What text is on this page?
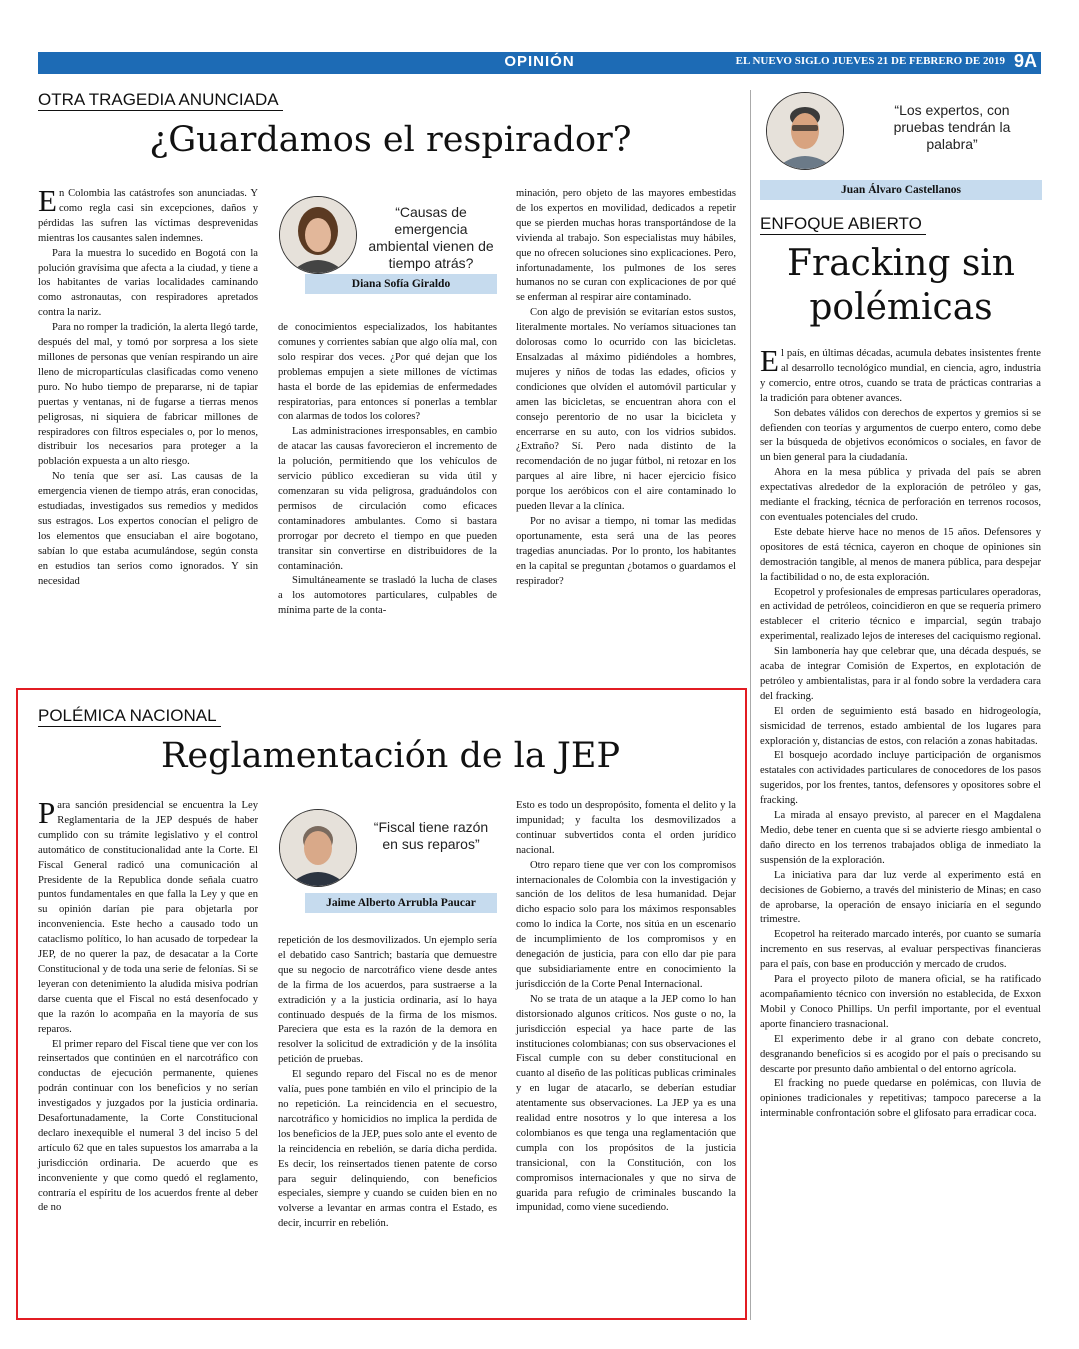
OPINIÓN	EL NUEVO SIGLO JUEVES 21 DE FEBRERO DE 2019 9A
OTRA TRAGEDIA ANUNCIADA
¿Guardamos el respirador?

En Colombia las catástrofes son anunciadas. Y como regla casi sin excepciones, daños y pérdidas las sufren las víctimas desprevenidas mientras los causantes salen indemnes.

Para la muestra lo sucedido en Bogotá con la polución gravísima que afecta a la ciudad, y tiene a los habitantes de varias localidades caminando como astronautas, con respiradores apretados contra la nariz.

Para no romper la tradición, la alerta llegó tarde, después del mal, y tomó por sorpresa a los siete millones de personas que venían respirando un aire lleno de micropartículas clasificadas como veneno puro. No hubo tiempo de prepararse, ni de tapiar puertas y ventanas, ni de fugarse a tierras menos peligrosas, ni siquiera de fabricar millones de respiradores con filtros especiales o, por lo menos, distribuir los necesarios para proteger a la población expuesta a un alto riesgo.

No tenía que ser así. Las causas de la emergencia vienen de tiempo atrás, eran conocidas, estudiadas, investigados sus remedios y medidos sus estragos. Los expertos conocían el peligro de los elementos que ensuciaban el aire bogotano, sabían lo que estaba acumulándose, según consta en estudios tan serios como ignorados. Y sin necesidad

“Causas de emergencia ambiental vienen de tiempo atrás?
Diana Sofía Giraldo

de conocimientos especializados, los habitantes comunes y corrientes sabían que algo olía mal, con solo respirar dos veces. ¿Por qué dejan que los problemas empujen a siete millones de víctimas hasta el borde de las epidemias de enfermedades respiratorias, para entonces sí ponerlas a temblar con alarmas de todos los colores?

Las administraciones irresponsables, en cambio de atacar las causas favorecieron el incremento de la polución, permitiendo que los vehículos de servicio público excedieran su vida útil y comenzaran su vida peligrosa, graduándolos con permisos de circulación como eficaces contaminadores ambulantes. Como si bastara prorrogar por decreto el tiempo en que pueden transitar sin convertirse en distribuidores de la contaminación.

Simultáneamente se trasladó la lucha de clases a los automotores particulares, culpables de mínima parte de la conta-

minación, pero objeto de las mayores embestidas de los expertos en movilidad, dedicados a repetir que se pierden muchas horas transportándose de la vivienda al trabajo. Son especialistas muy hábiles, que no ofrecen soluciones sino explicaciones. Pero, infortunadamente, los pulmones de los seres humanos no se curan con explicaciones de por qué se enferman al respirar aire contaminado.

Con algo de previsión se evitarían estos sustos, literalmente mortales. No veríamos situaciones tan dolorosas como lo ocurrido con las bicicletas. Ensalzadas al máximo pidiéndoles a hombres, mujeres y niños de todas las edades, oficios y condiciones que olvíden el automóvil particular y amen las bicicletas, se encuentran ahora con el consejo perentorio de no usar la bicicleta y encerrarse en su auto, con los vidrios subidos. ¿Extraño? Sí. Pero nada distinto de la recomendación de no jugar fútbol, ni retozar en los parques al aire libre, ni hacer ejercicio físico porque los aeróbicos con el aire contaminado lo pueden llevar a la clínica.

Por no avisar a tiempo, ni tomar las medidas oportunamente, esta será una de las peores tragedias anunciadas. Por lo pronto, los habitantes en la capital se preguntan ¿botamos o guardamos el respirador?

POLÉMICA NACIONAL
Reglamentación de la JEP

Para sanción presidencial se encuentra la Ley Reglamentaria de la JEP después de haber cumplido con su trámite legislativo y el control automático de constitucionalidad ante la Corte. El Fiscal General radicó una comunicación al Presidente de la Republica donde señala cuatro puntos fundamentales en que falla la Ley y que en su opinión darían pie para objetarla por inconveniencia. Este hecho a causado todo un cataclismo político, lo han acusado de torpedear la JEP, de no querer la paz, de desacatar a la Corte Constitucional y de toda una serie de felonías. Si se leyeran con detenimiento la aludida misiva podrían darse cuenta que el Fiscal no está desenfocado y que la razón lo acompaña en la mayoría de sus reparos.

El primer reparo del Fiscal tiene que ver con los reinsertados que continúen en el narcotráfico con conductas de ejecución permanente, quienes podrán continuar con los beneficios y no serían investigados y juzgados por la justicia ordinaria. Desafortunadamente, la Corte Constitucional declaro inexequible el numeral 3 del inciso 5 del artículo 62 que en tales supuestos los amarraba a la jurisdicción ordinaria. De acuerdo que es inconveniente y que como quedó el reglamento, contraría el espíritu de los acuerdos frente al deber de no

“Fiscal tiene razón en sus reparos”
Jaime Alberto Arrubla Paucar

repetición de los desmovilizados. Un ejemplo sería el debatido caso Santrich; bastaría que demuestre que su negocio de narcotráfico viene desde antes de la firma de los acuerdos, para sustraerse a la extradición y a la justicia ordinaria, así lo haya continuado después de la firma de los mismos. Pareciera que esta es la razón de la demora en resolver la solicitud de extradición y de la insólita petición de pruebas.

El segundo reparo del Fiscal no es de menor valía, pues pone también en vilo el principio de la no repetición. La reincidencia en el secuestro, narcotráfico y homicidios no implica la perdida de los beneficios de la JEP, pues solo ante el evento de la reincidencia en rebelión, se daría dicha perdida. Es decir, los reinsertados tienen patente de corso para seguir delinquiendo, con beneficios especiales, siempre y cuando se cuiden bien en no volverse a levantar en armas contra el Estado, es decir, incurrir en rebelión.

Esto es todo un despropósito, fomenta el delito y la impunidad; y faculta los desmovilizados a continuar subvertidos conta el orden jurídico nacional.

Otro reparo tiene que ver con los compromisos internacionales de Colombia con la investigación y sanción de los delitos de lesa humanidad. Dejar dicho espacio solo para los máximos responsables como lo indica la Corte, nos sitúa en un escenario de incumplimiento de los compromisos y en denegación de justicia, para con ello dar pie para que subsidiariamente entre en conocimiento la jurisdicción de la Corte Penal Internacional.

No se trata de un ataque a la JEP como lo han distorsionado algunos críticos. Nos guste o no, la jurisdicción especial ya hace parte de las instituciones colombianas; con sus observaciones el Fiscal cumple con su deber constitucional en cuanto al diseño de las políticas publicas criminales y en lugar de atacarlo, se deberían estudiar atentamente sus observaciones. La JEP ya es una realidad entre nosotros y lo que interesa a los colombianos es que tenga una reglamentación que cumpla con los propósitos de la justicia transicional, con la Constitución, con los compromisos internacionales y que no sirva de guarida para refugio de criminales buscando la impunidad, como viene sucediendo.

“Los expertos, con pruebas tendrán la palabra”
Juan Álvaro Castellanos
ENFOQUE ABIERTO
Fracking sin
polémicas

El país, en últimas décadas, acumula debates insistentes frente al desarrollo tecnológico mundial, en ciencia, agro, industria y comercio, entre otros, cuando se trata de prácticas contrarias a la tradición para obtener avances.

Son debates válidos con derechos de expertos y gremios si se defienden con teorías y argumentos de cuerpo entero, como debe ser la búsqueda de objetivos económicos o sociales, en favor de un bien general para la ciudadanía.

Ahora en la mesa pública y privada del país se abren expectativas alrededor de la exploración de petróleo y gas, mediante el fracking, técnica de perforación en terrenos rocosos, con eventuales potenciales del crudo.

Este debate hierve hace no menos de 15 años. Defensores y opositores de está técnica, cayeron en choque de opiniones sin demostración tangible, al menos de manera pública, para despejar la factibilidad o no, de esta exploración.

Ecopetrol y profesionales de empresas particulares operadoras, en actividad de petróleos, coincidieron en que se requería primero establecer el criterio técnico e imparcial, según trabajo experimental, realizado lejos de intereses del caciquismo regional.

Sin lambonería hay que celebrar que, una década después, se acaba de integrar Comisión de Expertos, en explotación de petróleo y ambientalistas, para ir al fondo sobre la verdadera cara del fracking.

El orden de seguimiento está basado en hidrogeología, sismicidad de terrenos, estado ambiental de los lugares para exploración y, distancias de estos, con relación a zonas habitadas.

El bosquejo acordado incluye participación de organismos estatales con actividades particulares de conocedores de los pasos sugeridos, por los frentes, tantos, defensores y opositores sobre el fracking.

La mirada al ensayo previsto, al parecer en el Magdalena Medio, debe tener en cuenta que si se advierte riesgo ambiental o daño directo en los terrenos trabajados obliga de inmediato la suspensión de la exploración.

La iniciativa para dar luz verde al experimento está en decisiones de Gobierno, a través del ministerio de Minas; en caso de aprobarse, la operación de ensayo iniciaría en el segundo trimestre.

Ecopetrol ha reiterado marcado interés, por cuanto se sumaría incremento en sus reservas, al evaluar perspectivas financieras para el país, con base en producción y mercado de crudos.

Para el proyecto piloto de manera oficial, se ha ratificado acompañamiento técnico con inversión no establecida, de Exxon Mobil y Conoco Phillips. Un perfil importante, por el eventual aporte financiero trasnacional.

El experimento debe ir al grano con debate concreto, desgranando beneficios si es acogido por el país o precisando su descarte por presunto daño ambiental o del entorno agrícola.

El fracking no puede quedarse en polémicas, con lluvia de opiniones tradicionales y repetitivas; tampoco parecerse a la interminable confrontación sobre el glifosato para erradicar coca.
